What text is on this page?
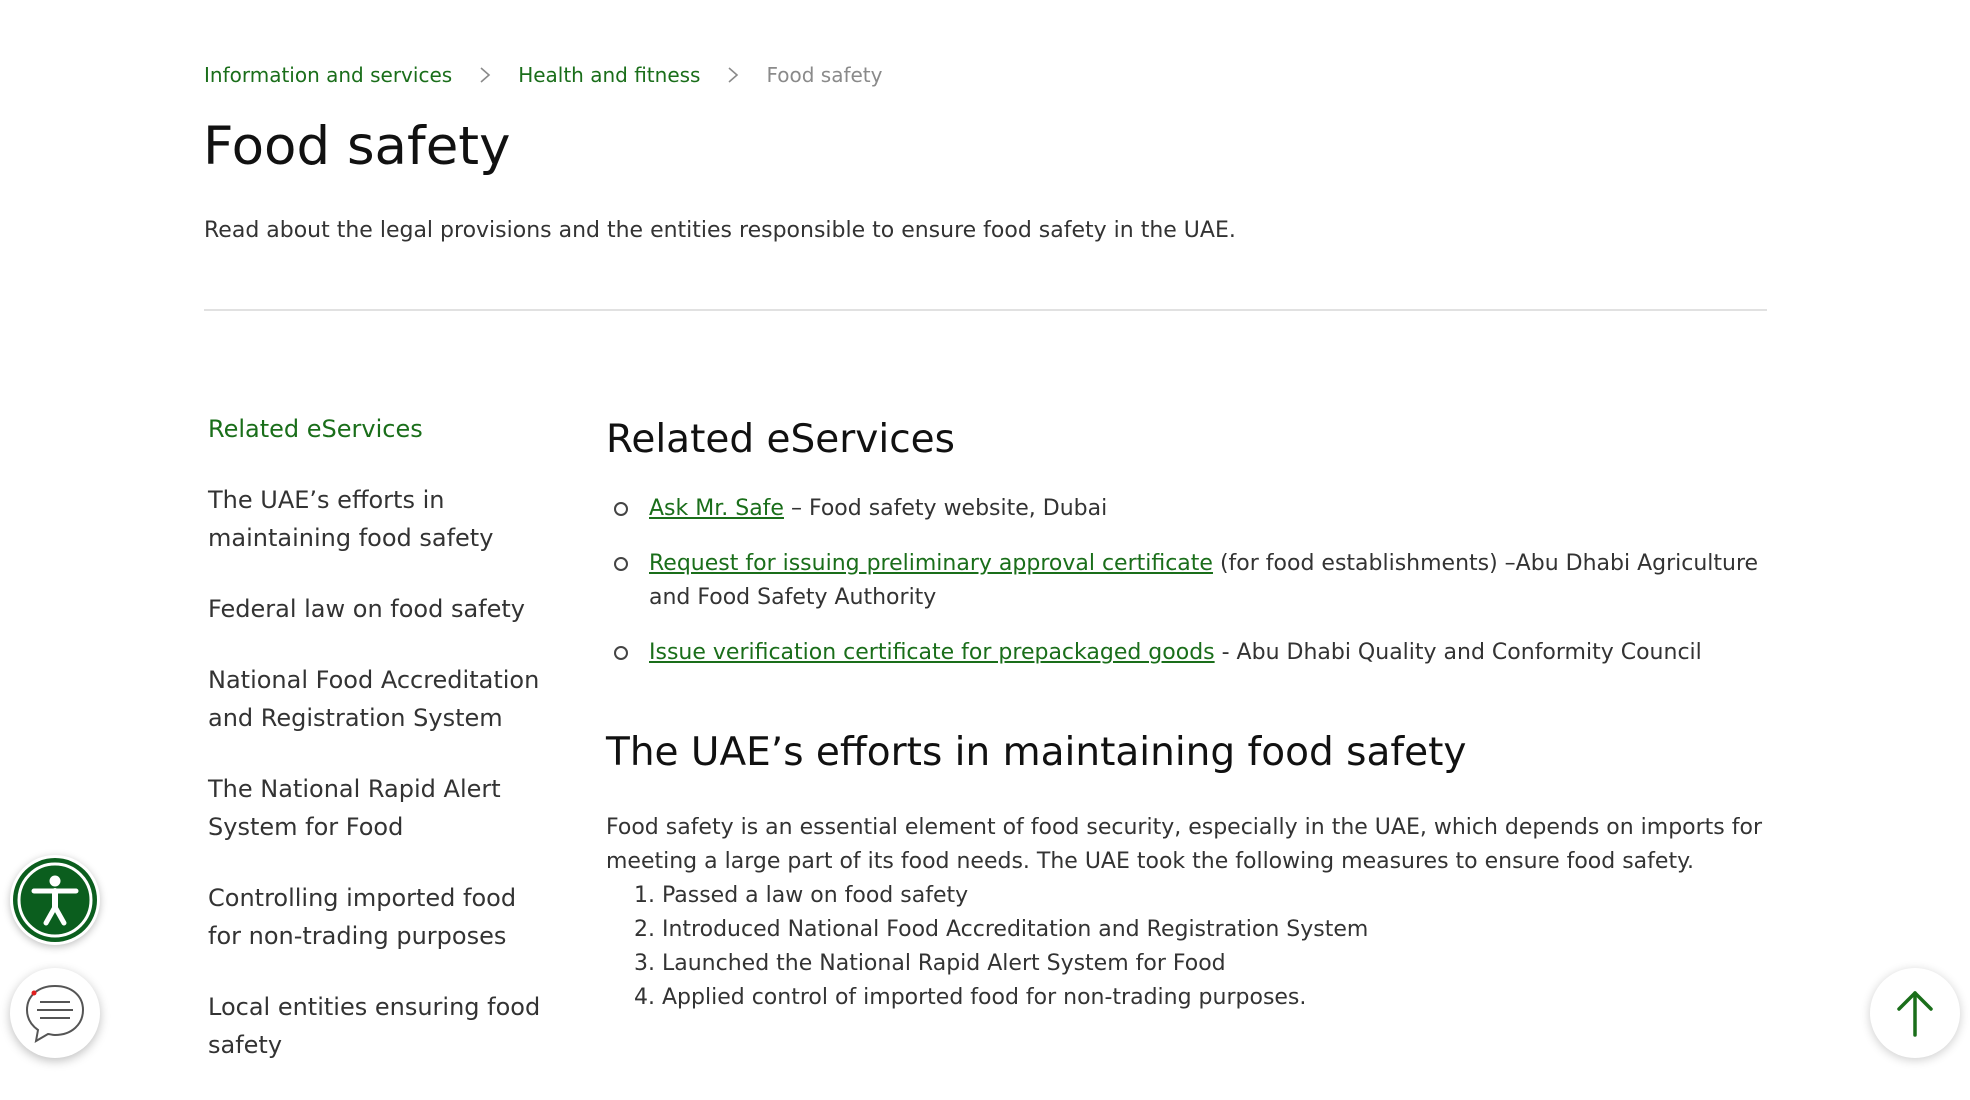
Information and services	Health and fitness	Food safety
Food safety

Read about the legal provisions and the entities responsible to ensure food safety in the UAE.

Related eServices
The UAE’s efforts in maintaining food safety
Federal law on food safety
National Food Accreditation and Registration System
The National Rapid Alert System for Food
Controlling imported food for non-trading purposes
Local entities ensuring food safety
Related eServices
Ask Mr. Safe – Food safety website, Dubai
Request for issuing preliminary approval certificate (for food establishments) –Abu Dhabi Agriculture and Food Safety Authority
Issue verification certificate for prepackaged goods - Abu Dhabi Quality and Conformity Council
The UAE’s efforts in maintaining food safety

Food safety is an essential element of food security, especially in the UAE, which depends on imports for meeting a large part of its food needs. The UAE took the following measures to ensure food safety.

1. Passed a law on food safety
2. Introduced National Food Accreditation and Registration System
3. Launched the National Rapid Alert System for Food
4. Applied control of imported food for non-trading purposes.
